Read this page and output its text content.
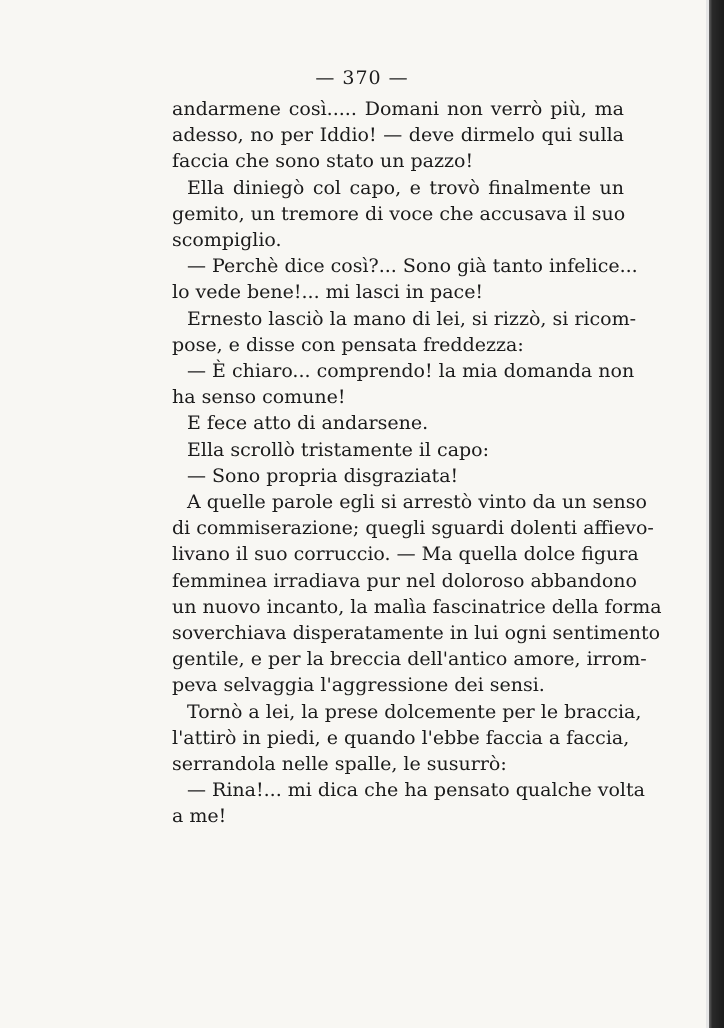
— 370 —
andarmene così..... Domani non verrò più, ma
adesso, no per Iddio! — deve dirmelo qui sulla
faccia che sono stato un pazzo!
Ella diniegò col capo, e trovò finalmente un
gemito, un tremore di voce che accusava il suo
scompiglio.
— Perchè dice così?... Sono già tanto infelice...
lo vede bene!... mi lasci in pace!
Ernesto lasciò la mano di lei, si rizzò, si ricom-
pose, e disse con pensata freddezza:
— È chiaro... comprendo! la mia domanda non
ha senso comune!
E fece atto di andarsene.
Ella scrollò tristamente il capo:
— Sono propria disgraziata!
A quelle parole egli si arrestò vinto da un senso
di commiserazione; quegli sguardi dolenti affievo-
livano il suo corruccio. — Ma quella dolce figura
femminea irradiava pur nel doloroso abbandono
un nuovo incanto, la malìa fascinatrice della forma
soverchiava disperatamente in lui ogni sentimento
gentile, e per la breccia dell'antico amore, irrom-
peva selvaggia l'aggressione dei sensi.
Tornò a lei, la prese dolcemente per le braccia,
l'attirò in piedi, e quando l'ebbe faccia a faccia,
serrandola nelle spalle, le susurrò:
— Rina!... mi dica che ha pensato qualche volta
a me!
